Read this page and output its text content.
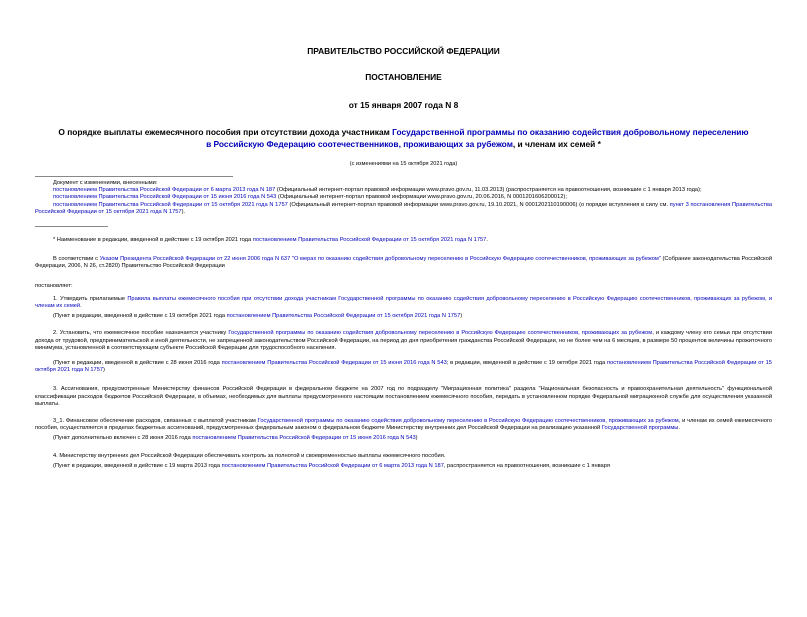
ПРАВИТЕЛЬСТВО РОССИЙСКОЙ ФЕДЕРАЦИИ
ПОСТАНОВЛЕНИЕ
от 15 января 2007 года N 8
О порядке выплаты ежемесячного пособия при отсутствии дохода участникам Государственной программы по оказанию содействия добровольному переселению в Российскую Федерацию соотечественников, проживающих за рубежом, и членам их семей *
(с изменениями на 15 октября 2021 года)

Документ с изменениями, внесенными:

постановлением Правительства Российской Федерации от 6 марта 2013 года N 187 (Официальный интернет-портал правовой информации www.pravo.gov.ru, 11.03.2013) (распространяется на правоотношения, возникшие с 1 января 2013 года);

постановлением Правительства Российской Федерации от 15 июня 2016 года N 543 (Официальный интернет-портал правовой информации www.pravo.gov.ru, 20.06.2016, N 0001201606200012);

постановлением Правительства Российской Федерации от 15 октября 2021 года N 1757 (Официальный интернет-портал правовой информации www.pravo.gov.ru, 19.10.2021, N 0001202110190006) (о порядке вступления в силу см. пункт 3 постановления Правительства Российской Федерации от 15 октября 2021 года N 1757).

* Наименование в редакции, введенной в действие с 19 октября 2021 года постановлением Правительства Российской Федерации от 15 октября 2021 года N 1757.

В соответствии с Указом Президента Российской Федерации от 22 июня 2006 года N 637 "О мерах по оказанию содействия добровольному переселению в Российскую Федерацию соотечественников, проживающих за рубежом" (Собрание законодательства Российской Федерации, 2006, N 26, ст.2820) Правительство Российской Федерации

постановляет:

1. Утвердить прилагаемые Правила выплаты ежемесячного пособия при отсутствии дохода участникам Государственной программы по оказанию содействия добровольному переселению в Российскую Федерацию соотечественников, проживающих за рубежом, и членам их семей.

(Пункт в редакции, введенной в действие с 19 октября 2021 года постановлением Правительства Российской Федерации от 15 октября 2021 года N 1757)

2. Установить, что ежемесячное пособие назначается участнику Государственной программы по оказанию содействия добровольному переселению в Российскую Федерацию соотечественников, проживающих за рубежом, и каждому члену его семьи при отсутствии дохода от трудовой, предпринимательской и иной деятельности, не запрещенной законодательством Российской Федерации, на период до дня приобретения гражданства Российской Федерации, но не более чем на 6 месяцев, в размере 50 процентов величины прожиточного минимума, установленной в соответствующем субъекте Российской Федерации для трудоспособного населения.

(Пункт в редакции, введенной в действие с 28 июня 2016 года постановлением Правительства Российской Федерации от 15 июня 2016 года N 543; в редакции, введенной в действие с 19 октября 2021 года постановлением Правительства Российской Федерации от 15 октября 2021 года N 1757)

3. Ассигнования, предусмотренные Министерству финансов Российской Федерации в федеральном бюджете на 2007 год по подразделу "Миграционная политика" раздела "Национальная безопасность и правоохранительная деятельность" функциональной классификации расходов бюджетов Российской Федерации, в объемах, необходимых для выплаты предусмотренного настоящим постановлением ежемесячного пособия, передать в установленном порядке Федеральной миграционной службе для осуществления указанной выплаты.

3_1. Финансовое обеспечение расходов, связанных с выплатой участникам Государственной программы по оказанию содействия добровольному переселению в Российскую Федерацию соотечественников, проживающих за рубежом, и членам их семей ежемесячного пособия, осуществляется в пределах бюджетных ассигнований, предусмотренных федеральным законом о федеральном бюджете Министерству внутренних дел Российской Федерации на реализацию указанной Государственной программы.

(Пункт дополнительно включен с 28 июня 2016 года постановлением Правительства Российской Федерации от 15 июня 2016 года N 543)

4. Министерству внутренних дел Российской Федерации обеспечивать контроль за полнотой и своевременностью выплаты ежемесячного пособия.

(Пункт в редакции, введенной в действие с 19 марта 2013 года постановлением Правительства Российской Федерации от 6 марта 2013 года N 187, распространяется на правоотношения, возникшие с 1 января
